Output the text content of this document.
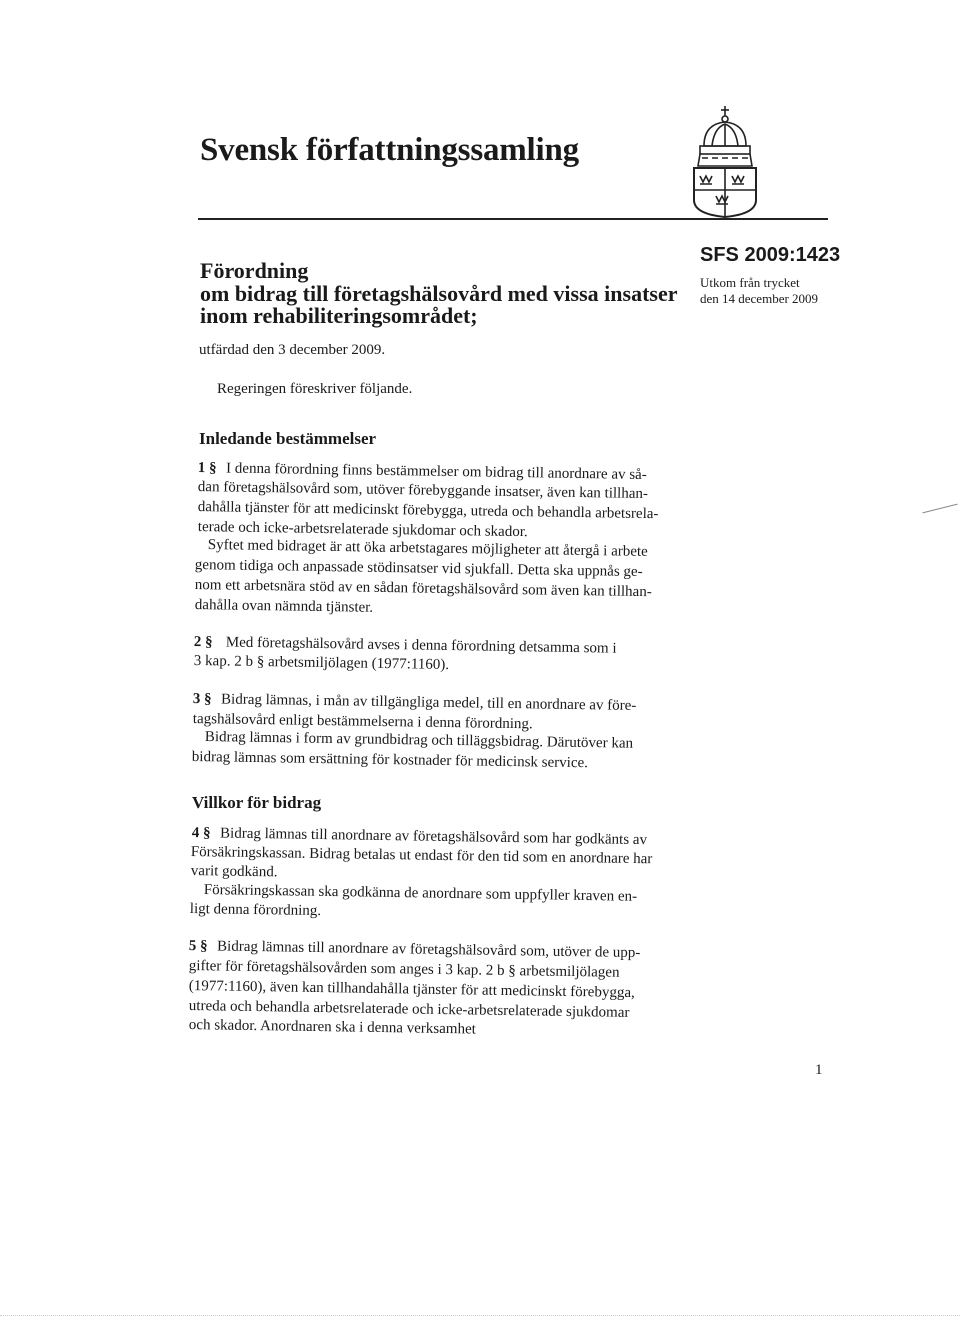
Svensk författningssamling
Förordning
om bidrag till företagshälsovård med vissa insatser
inom rehabiliteringsområdet;
SFS 2009:1423
Utkom från trycket
den 14 december 2009
utfärdad den 3 december 2009.
Regeringen föreskriver följande.
Inledande bestämmelser
1 § I denna förordning finns bestämmelser om bidrag till anordnare av så-
dan företagshälsovård som, utöver förebyggande insatser, även kan tillhan-
dahålla tjänster för att medicinskt förebygga, utreda och behandla arbetsrela-
terade och icke-arbetsrelaterade sjukdomar och skador.
Syftet med bidraget är att öka arbetstagares möjligheter att återgå i arbete
genom tidiga och anpassade stödinsatser vid sjukfall. Detta ska uppnås ge-
nom ett arbetsnära stöd av en sådan företagshälsovård som även kan tillhan-
dahålla ovan nämnda tjänster.
2 § Med företagshälsovård avses i denna förordning detsamma som i
3 kap. 2 b § arbetsmiljölagen (1977:1160).
3 § Bidrag lämnas, i mån av tillgängliga medel, till en anordnare av före-
tagshälsovård enligt bestämmelserna i denna förordning.
Bidrag lämnas i form av grundbidrag och tilläggsbidrag. Därutöver kan
bidrag lämnas som ersättning för kostnader för medicinsk service.
Villkor för bidrag
4 § Bidrag lämnas till anordnare av företagshälsovård som har godkänts av
Försäkringskassan. Bidrag betalas ut endast för den tid som en anordnare har
varit godkänd.
Försäkringskassan ska godkänna de anordnare som uppfyller kraven en-
ligt denna förordning.
5 § Bidrag lämnas till anordnare av företagshälsovård som, utöver de upp-
gifter för företagshälsovården som anges i 3 kap. 2 b § arbetsmiljölagen
(1977:1160), även kan tillhandahålla tjänster för att medicinskt förebygga,
utreda och behandla arbetsrelaterade och icke-arbetsrelaterade sjukdomar
och skador. Anordnaren ska i denna verksamhet
1
